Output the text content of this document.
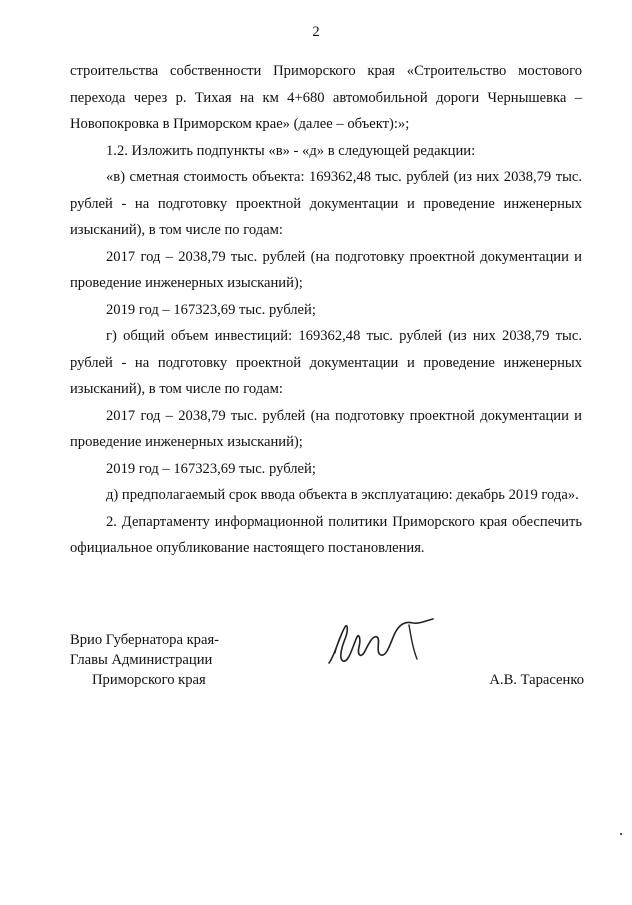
2

строительства собственности Приморского края «Строительство мостового перехода через р. Тихая на км 4+680 автомобильной дороги Чернышевка – Новопокровка в Приморском крае» (далее – объект):»;

1.2. Изложить подпункты «в» - «д» в следующей редакции:

«в) сметная стоимость объекта: 169362,48 тыс. рублей (из них 2038,79 тыс. рублей - на подготовку проектной документации и проведение инженерных изысканий), в том числе по годам:

2017 год – 2038,79 тыс. рублей (на подготовку проектной документации и проведение инженерных изысканий);

2019 год – 167323,69 тыс. рублей;

г) общий объем инвестиций: 169362,48 тыс. рублей (из них 2038,79 тыс. рублей - на подготовку проектной документации и проведение инженерных изысканий), в том числе по годам:

2017 год – 2038,79 тыс. рублей (на подготовку проектной документации и проведение инженерных изысканий);

2019 год – 167323,69 тыс. рублей;

д) предполагаемый срок ввода объекта в эксплуатацию: декабрь 2019 года».

2. Департаменту информационной политики Приморского края обеспечить официальное опубликование настоящего постановления.

Врио Губернатора края-
Главы Администрации
Приморского края	А.В. Тарасенко
